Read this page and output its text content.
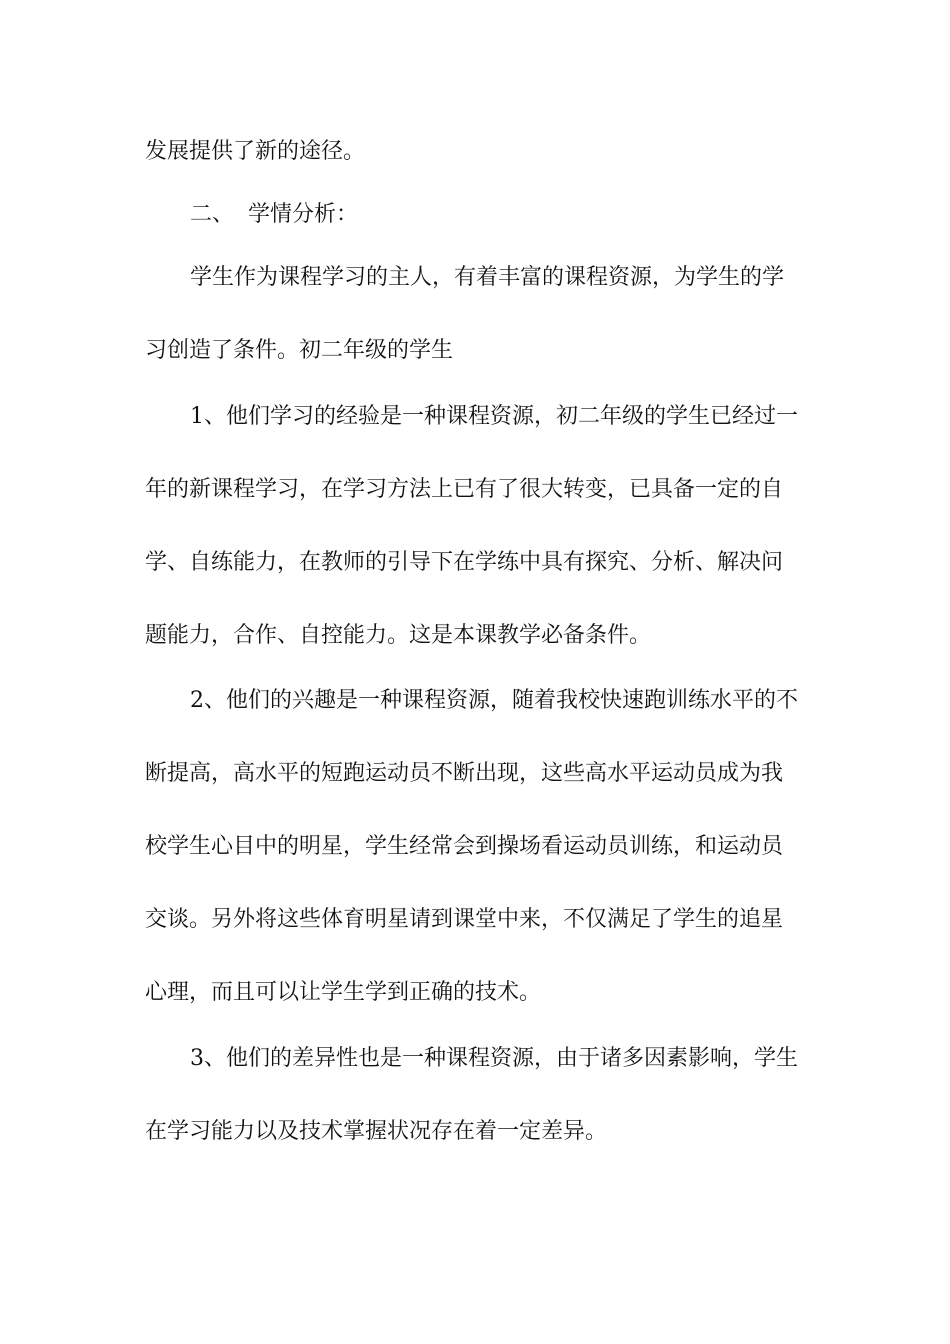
发展提供了新的途径。
二、 学情分析：
学生作为课程学习的主人，有着丰富的课程资源，为学生的学
习创造了条件。初二年级的学生
1、他们学习的经验是一种课程资源，初二年级的学生已经过一
年的新课程学习，在学习方法上已有了很大转变，已具备一定的自
学、自练能力，在教师的引导下在学练中具有探究、分析、解决问
题能力，合作、自控能力。这是本课教学必备条件。
2、他们的兴趣是一种课程资源，随着我校快速跑训练水平的不
断提高，高水平的短跑运动员不断出现，这些高水平运动员成为我
校学生心目中的明星，学生经常会到操场看运动员训练，和运动员
交谈。另外将这些体育明星请到课堂中来，不仅满足了学生的追星
心理，而且可以让学生学到正确的技术。
3、他们的差异性也是一种课程资源，由于诸多因素影响，学生
在学习能力以及技术掌握状况存在着一定差异。
